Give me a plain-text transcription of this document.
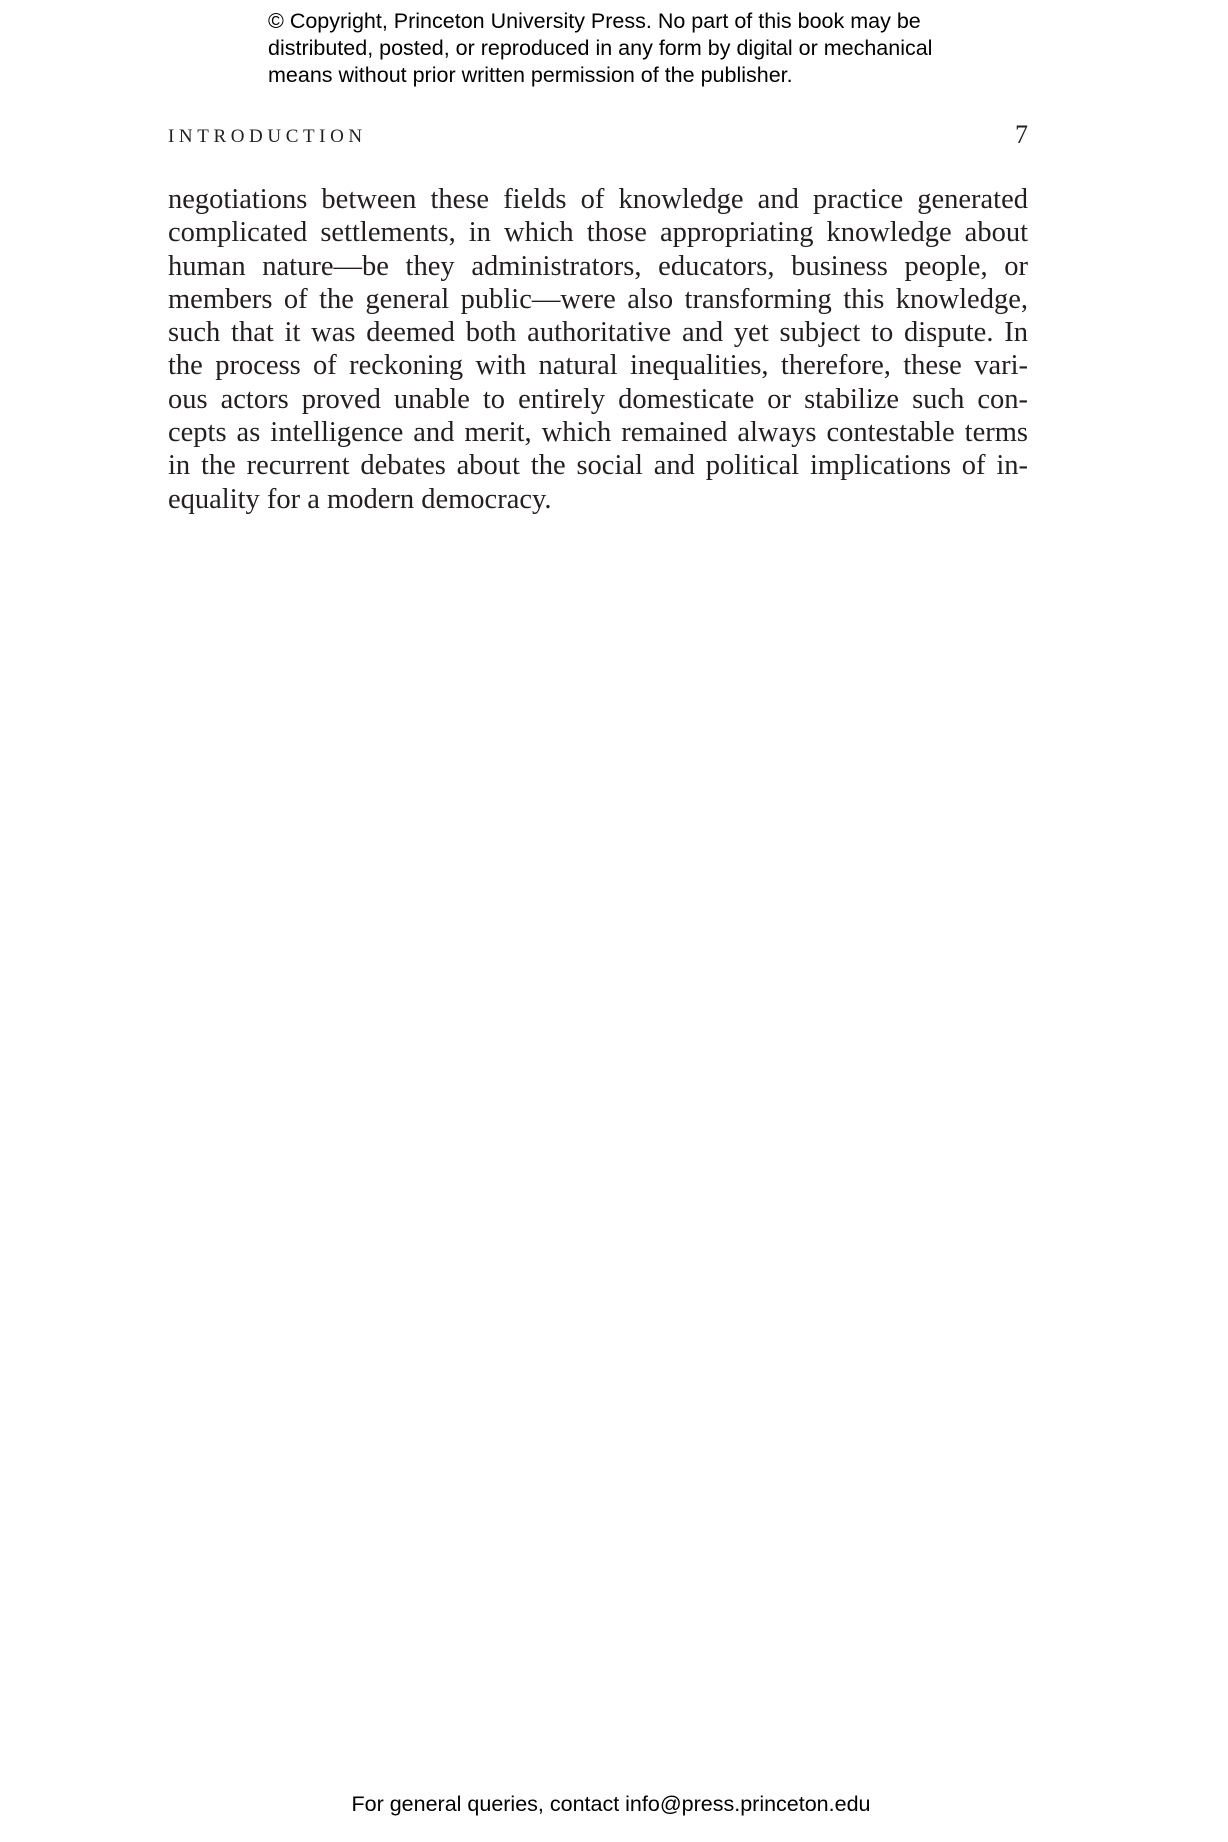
© Copyright, Princeton University Press. No part of this book may be
distributed, posted, or reproduced in any form by digital or mechanical
means without prior written permission of the publisher.
INTRODUCTION	7
negotiations between these fields of knowledge and practice generated
complicated settlements, in which those appropriating knowledge about
human nature—be they administrators, educators, business people, or
members of the general public—were also transforming this knowledge,
such that it was deemed both authoritative and yet subject to dispute. In
the process of reckoning with natural inequalities, therefore, these vari-
ous actors proved unable to entirely domesticate or stabilize such con-
cepts as intelligence and merit, which remained always contestable terms
in the recurrent debates about the social and political implications of in-
equality for a modern democracy.
For general queries, contact info@press.princeton.edu
